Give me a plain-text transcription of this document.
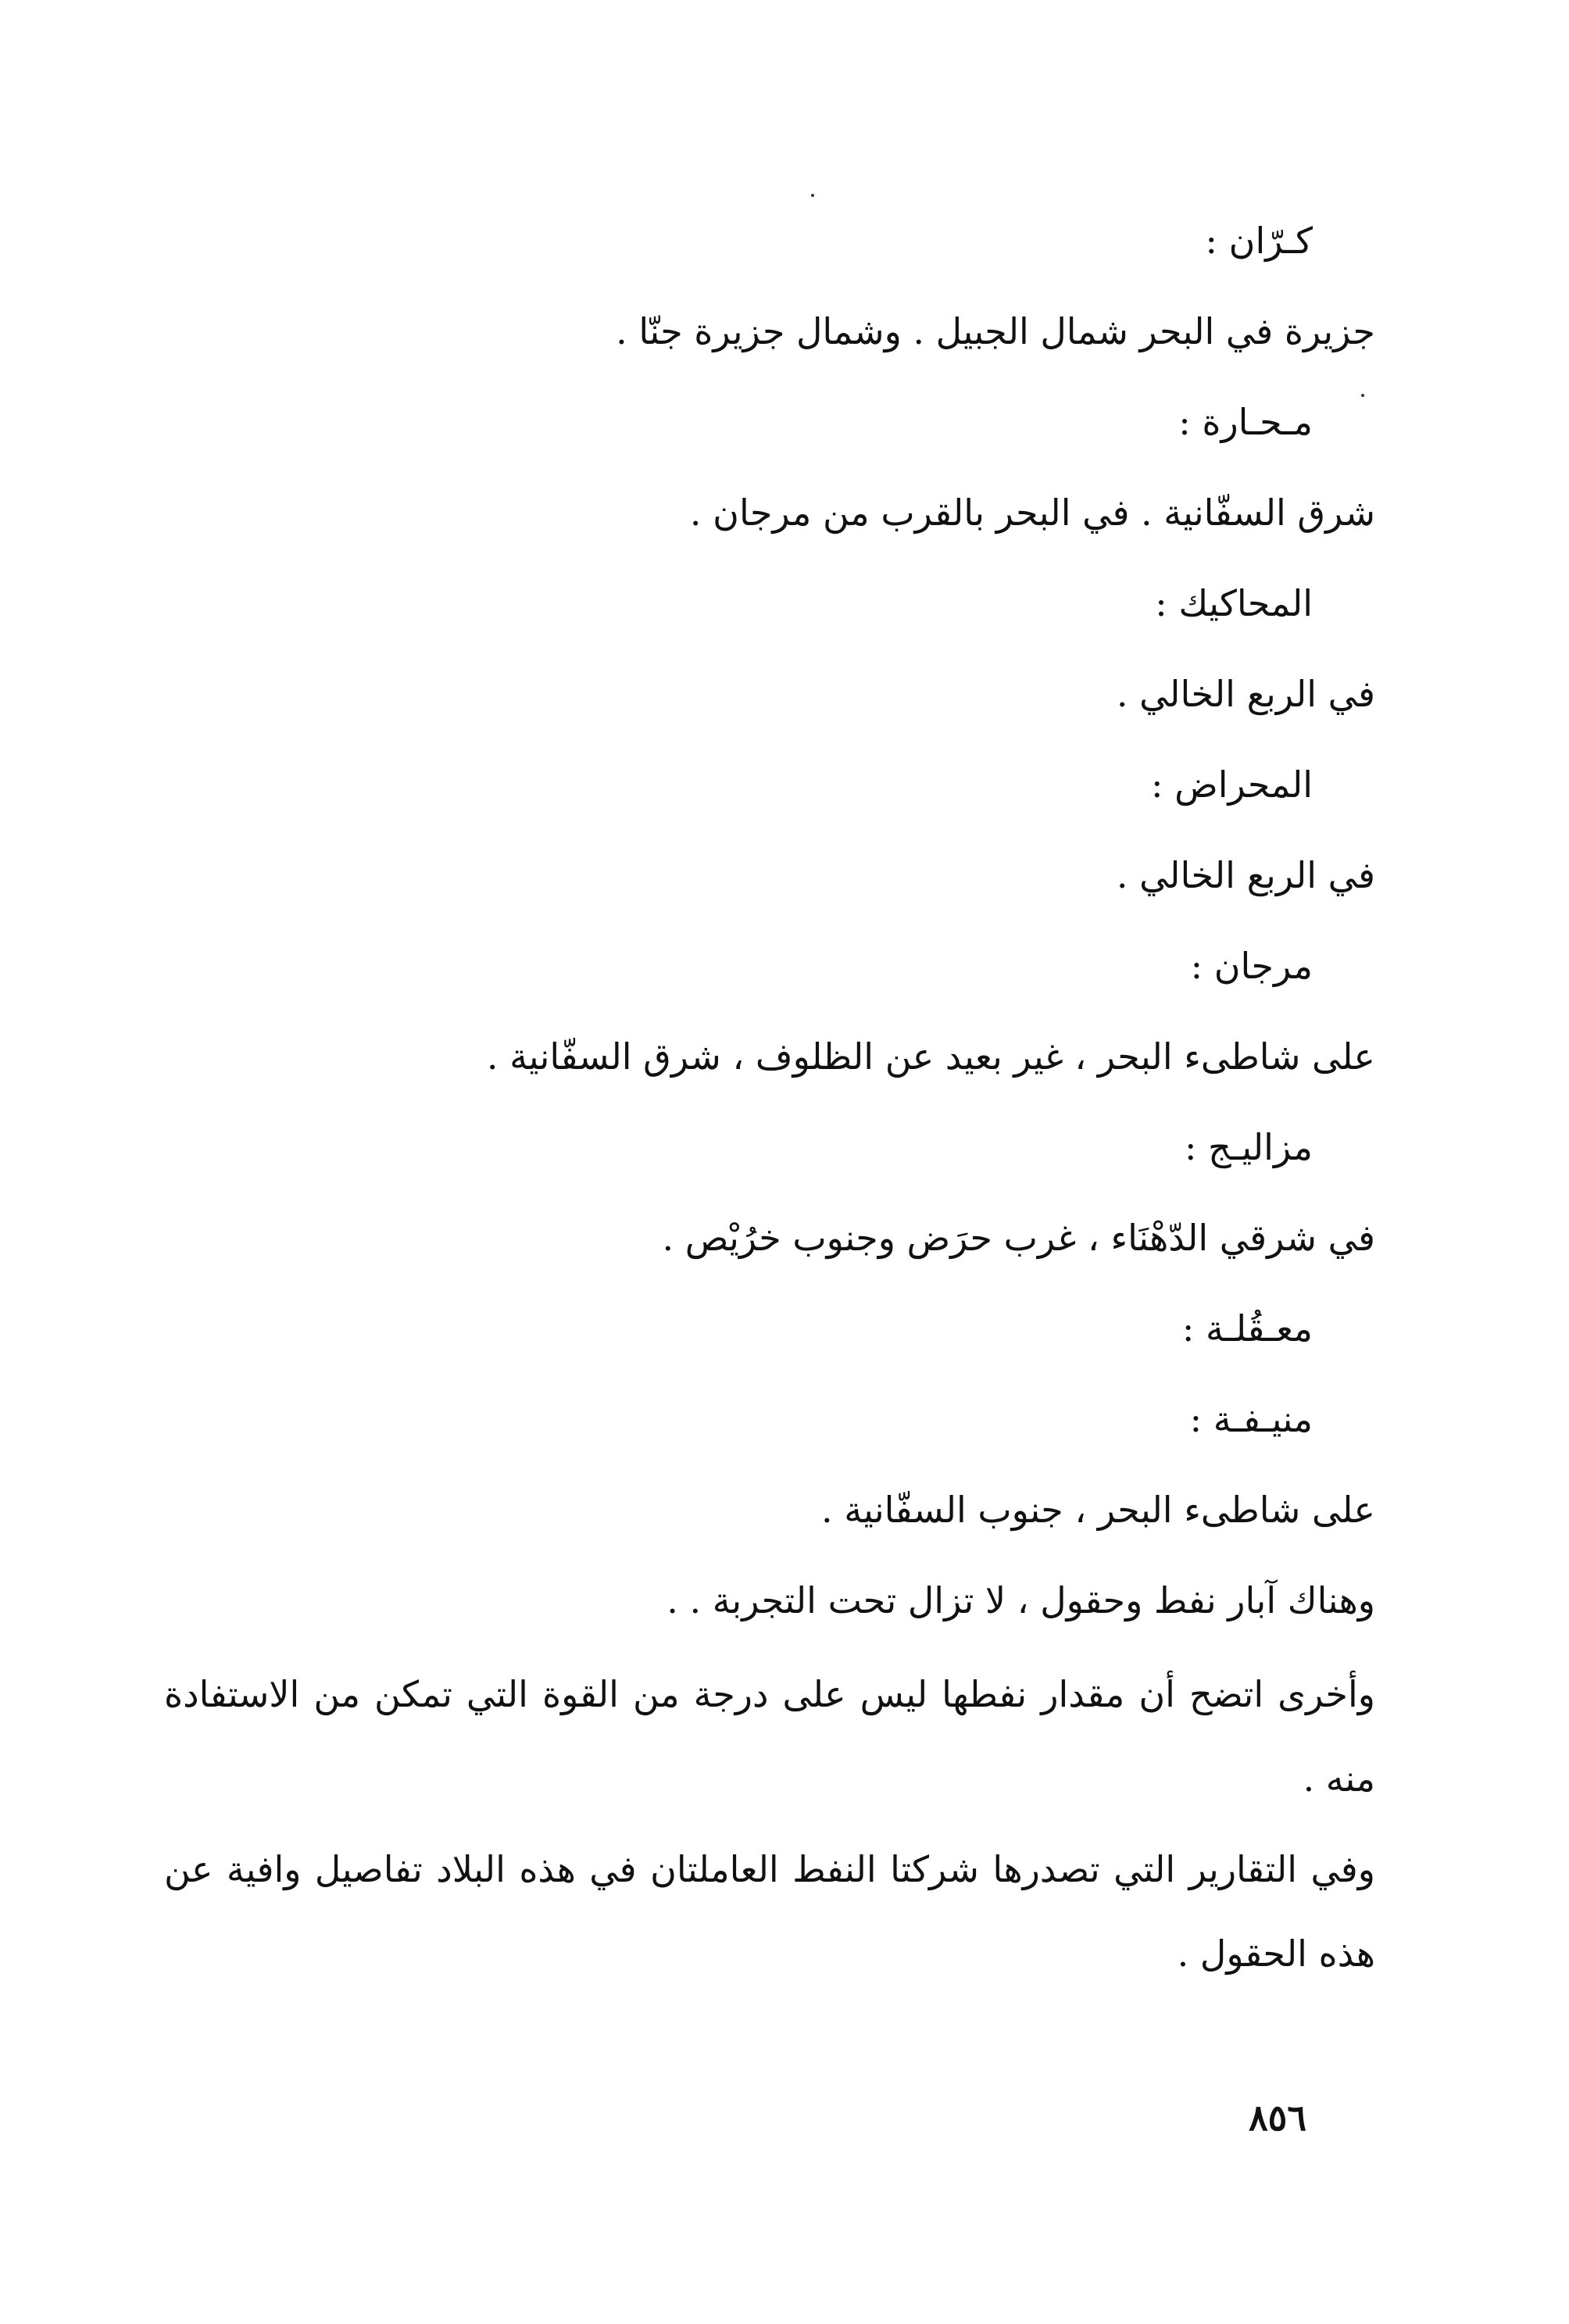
كـرّان :
جزيرة في البحر شمال الجبيل . وشمال جزيرة جنّا .
مـحـارة :
شرق السفّانية . في البحر بالقرب من مرجان .
المحاكيك :
في الربع الخالي .
المحراض :
في الربع الخالي .
مرجان :
على شاطىء البحر ، غير بعيد عن الظلوف ، شرق السفّانية .
مزاليـج :
في شرقي الدّهْنَاء ، غرب حرَض وجنوب خرُيْص .
معـقُلـة :
منيـفـة :
على شاطىء البحر ، جنوب السفّانية .
وهناك آبار نفط وحقول ، لا تزال تحت التجربة . .
وأخرى اتضح أن مقدار نفطها ليس على درجة من القوة التي تمكن من الاستفادة منه .
وفي التقارير التي تصدرها شركتا النفط العاملتان في هذه البلاد تفاصيل وافية عن هذه الحقول .
٨٥٦
